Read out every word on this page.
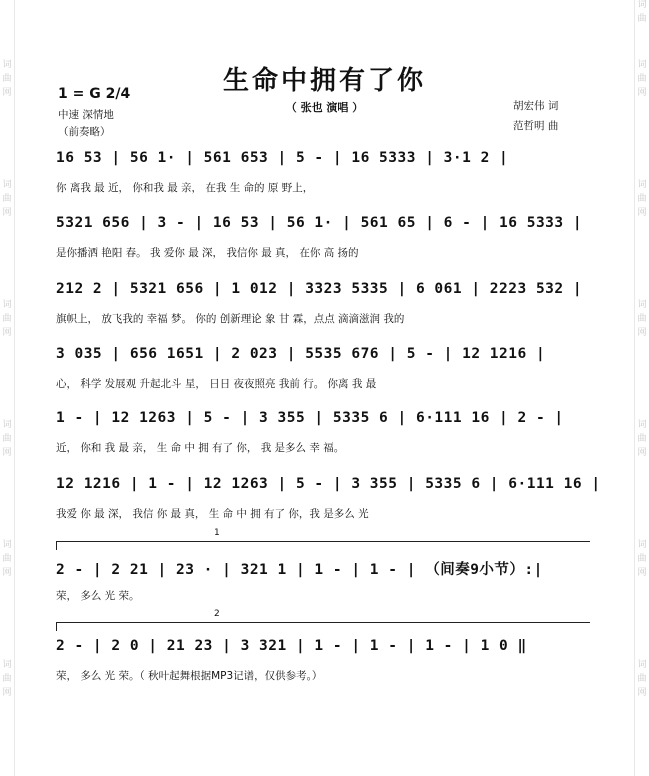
词
曲
网
词
曲
网
词
曲
网
词
曲
网
词
曲
网
词
曲
网
词
曲
词
曲
网
词
曲
网
词
曲
网
词
曲
网
词
曲
网
词
曲
网
生命中拥有了你
（ 张也 演唱 ）
1 = G 2/4
中速 深情地
（前奏略）
胡宏伟 词
范哲明 曲
16 53 | 56 1· | 561 653 | 5 - | 16 5333 | 3·1 2 |
你 离我 最 近， 你和我 最 亲， 在我 生 命的 原 野上，
5321 656 | 3 - | 16 53 | 56 1· | 561 65 | 6 - | 16 5333 |
是你播洒 艳阳 春。 我 爱你 最 深， 我信你 最 真， 在你 高 扬的
212 2 | 5321 656 | 1 012 | 3323 5335 | 6 061 | 2223 532 |
旗帜上， 放飞我的 幸福 梦。 你的 创新理论 象 甘 霖，点点 滴滴滋润 我的
3 035 | 656 1651 | 2 023 | 5535 676 | 5 - | 12 1216 |
心， 科学 发展观 升起北斗 星， 日日 夜夜照亮 我前 行。 你离 我 最
1 - | 12 1263 | 5 - | 3 355 | 5335 6 | 6·111 16 | 2 - |
近， 你和 我 最 亲， 生 命 中 拥 有了 你， 我 是多么 幸 福。
12 1216 | 1 - | 12 1263 | 5 - | 3 355 | 5335 6 | 6·111 16 |
我爱 你 最 深， 我信 你 最 真， 生 命 中 拥 有了 你，我 是多么 光
1
2 - | 2 21 | 23 · | 321 1 | 1 - | 1 - | （间奏9小节）:|
荣， 多么 光 荣。
2
2 - | 2 0 | 21 23 | 3 321 | 1 - | 1 - | 1 - | 1 0 ‖
荣， 多么 光 荣。（ 秋叶起舞根据MP3记谱，仅供参考。）
